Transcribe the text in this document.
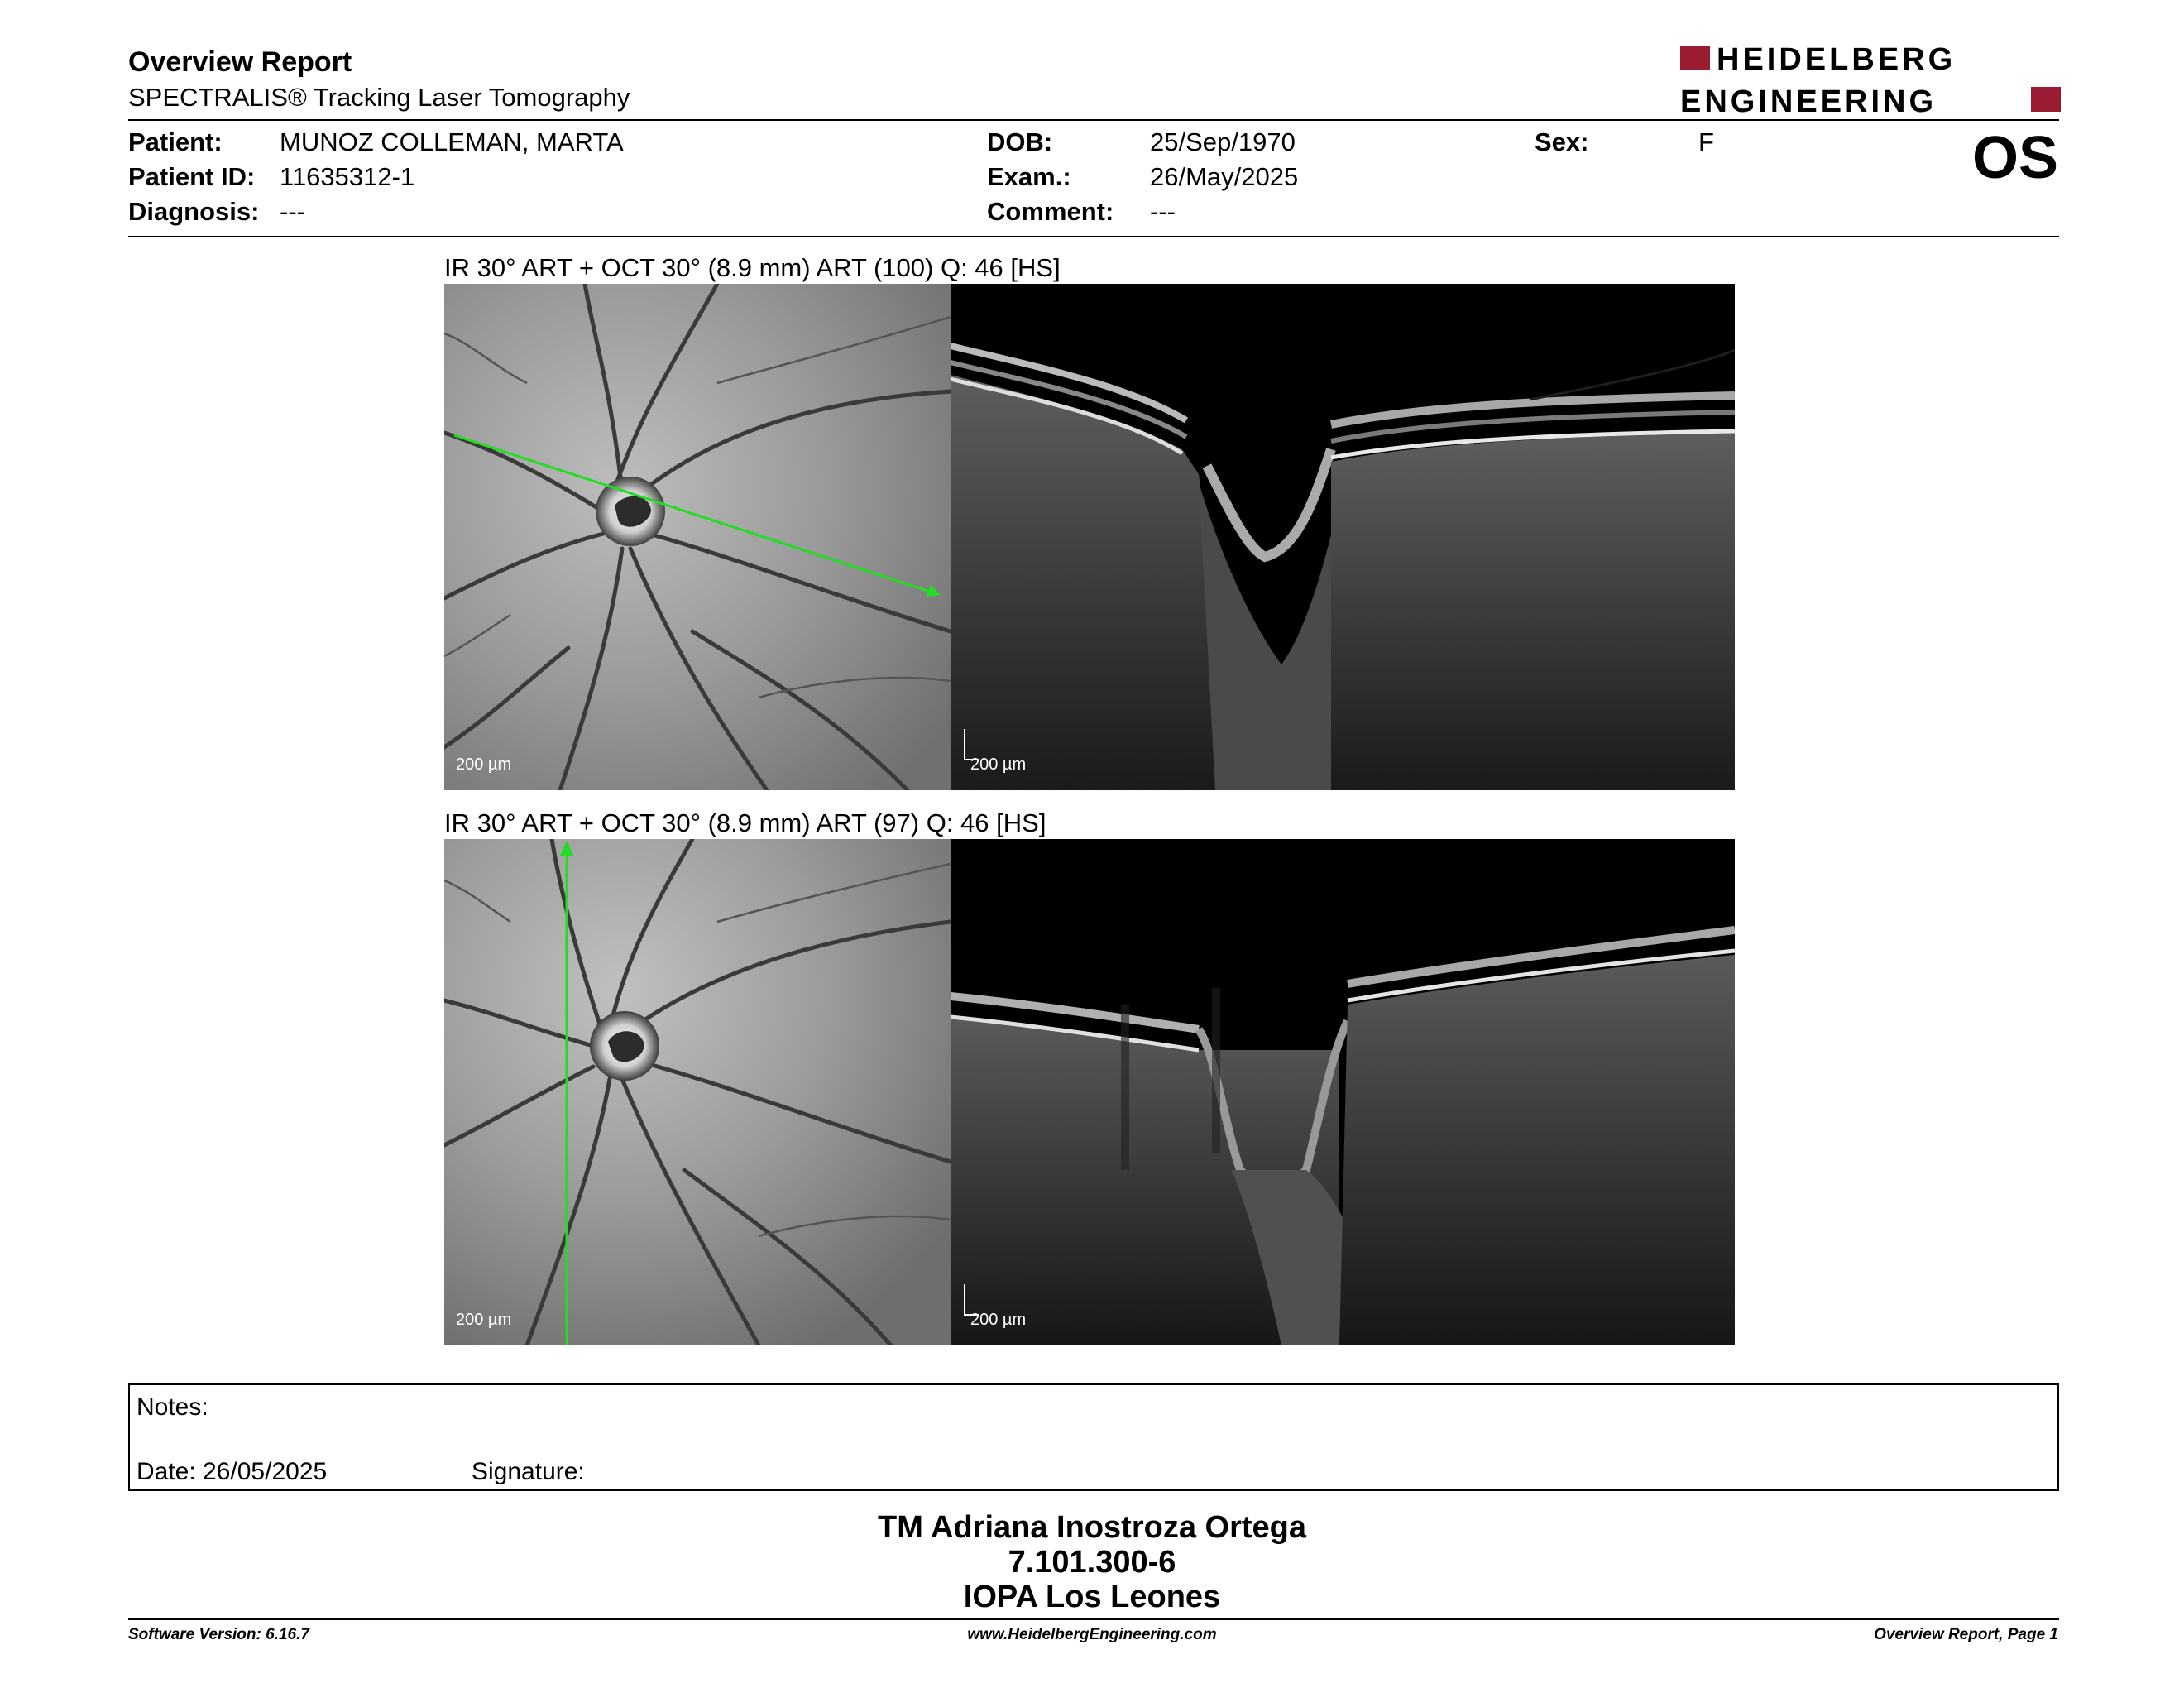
Overview Report
SPECTRALIS® Tracking Laser Tomography
HEIDELBERG
ENGINEERING
Patient: MUNOZ COLLEMAN, MARTA
Patient ID: 11635312-1
Diagnosis: ---
DOB:	25/Sep/1970
Exam.:	26/May/2025
Comment: ---
Sex:	F	OS
IR 30° ART + OCT 30° (8.9 mm) ART (100) Q: 46 [HS]
200 µm	200 µm
IR 30° ART + OCT 30° (8.9 mm) ART (97) Q: 46 [HS]
200 µm	200 µm
Notes:
Date: 26/05/2025	Signature:
TM Adriana Inostroza Ortega
7.101.300-6
IOPA Los Leones
Software Version: 6.16.7	www.HeidelbergEngineering.com	Overview Report, Page 1
